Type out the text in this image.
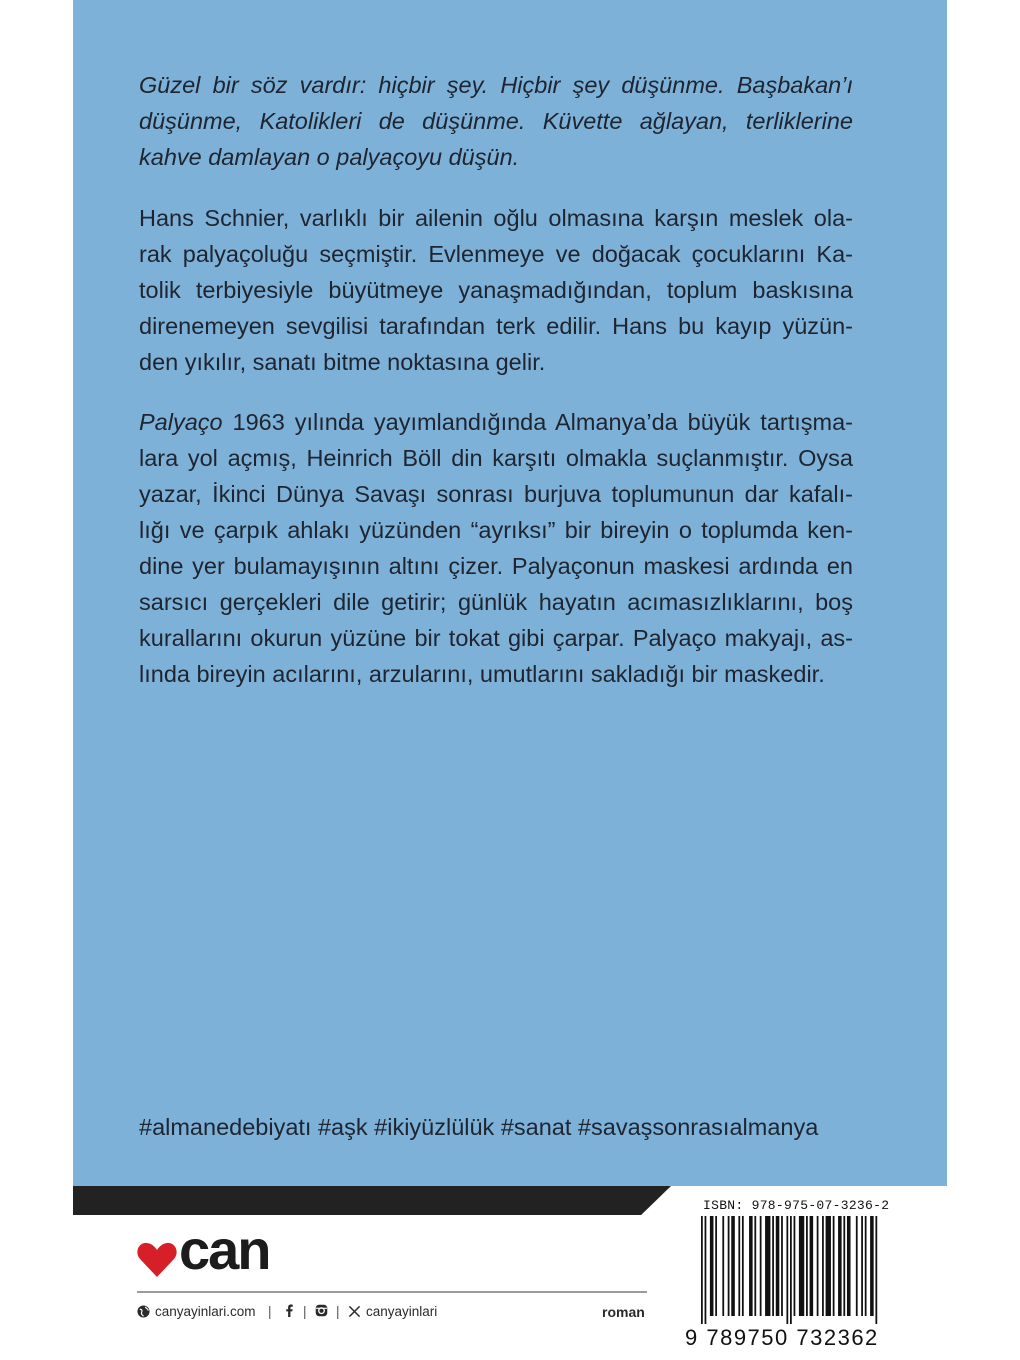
Güzel bir söz vardır: hiçbir şey. Hiçbir şey düşünme. Başbakan’ı
düşünme, Katolikleri de düşünme. Küvette ağlayan, terliklerine
kahve damlayan o palyaçoyu düşün.

Hans Schnier, varlıklı bir ailenin oğlu olmasına karşın meslek ola-
rak palyaçoluğu seçmiştir. Evlenmeye ve doğacak çocuklarını Ka-
tolik terbiyesiyle büyütmeye yanaşmadığından, toplum baskısına
direnemeyen sevgilisi tarafından terk edilir. Hans bu kayıp yüzün-
den yıkılır, sanatı bitme noktasına gelir.

Palyaço 1963 yılında yayımlandığında Almanya’da büyük tartışma-
lara yol açmış, Heinrich Böll din karşıtı olmakla suçlanmıştır. Oysa
yazar, İkinci Dünya Savaşı sonrası burjuva toplumunun dar kafalı-
lığı ve çarpık ahlakı yüzünden “ayrıksı” bir bireyin o toplumda ken-
dine yer bulamayışının altını çizer. Palyaçonun maskesi ardında en
sarsıcı gerçekleri dile getirir; günlük hayatın acımasızlıklarını, boş
kurallarını okurun yüzüne bir tokat gibi çarpar. Palyaço makyajı, as-
lında bireyin acılarını, arzularını, umutlarını sakladığı bir maskedir.

#almanedebiyatı #aşk #ikiyüzlülük #sanat #savaşsonrasıalmanya
can
canyayinlari.com | | | canyayinlari	roman
ISBN: 978-975-07-3236-2
9 789750 732362
